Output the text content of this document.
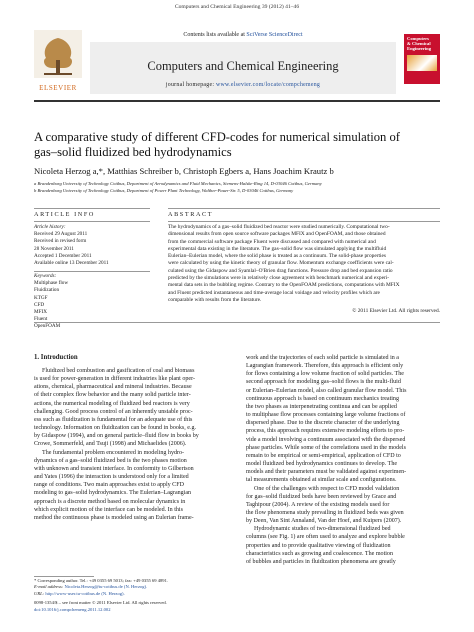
Computers and Chemical Engineering 39 (2012) 41–46
ELSEVIER
Contents lists available at SciVerse ScienceDirect
Computers and Chemical Engineering
journal homepage: www.elsevier.com/locate/compchemeng
Computers
& Chemical
Engineering
A comparative study of different CFD-codes for numerical simulation of
gas–solid fluidized bed hydrodynamics
Nicoleta Herzog a,*, Matthias Schreiber b, Christoph Egbers a, Hans Joachim Krautz b
a Brandenburg University of Technology Cottbus, Department of Aerodynamics and Fluid Mechanics, Siemens-Halske-Ring 14, D-03046 Cottbus, Germany
b Brandenburg University of Technology Cottbus, Department of Power Plant Technology, Walther-Pauer-Str. 5, D-03046 Cottbus, Germany
ARTICLE INFO
Article history:
Received 29 August 2011
Received in revised form
28 November 2011
Accepted 1 December 2011
Available online 13 December 2011
Keywords:
Multiphase flow
Fluidization
KTGF
CFD
MFIX
Fluent
OpenFOAM
ABSTRACT
The hydrodynamics of a gas–solid fluidized bed reactor were studied numerically. Computational two-
dimensional results from open source software packages MFIX and OpenFOAM, and those obtained
from the commercial software package Fluent were discussed and compared with numerical and
experimental data existing in the literature. The gas–solid flow was simulated applying the multifluid
Eulerian–Eulerian model, where the solid phase is treated as a continuum. The solid-phase properties
were calculated by using the kinetic theory of granular flow. Momentum exchange coefficients were cal-
culated using the Gidaspow and Syamlal–O'Brien drag functions. Pressure drop and bed expansion ratio
predicted by the simulations were in relatively close agreement with benchmark numerical and experi-
mental data sets in the bubbling regime. Contrary to the OpenFOAM predictions, computations with MFIX
and Fluent predicted instantaneous and time-average local voidage and velocity profiles which are
comparable with results from the literature.
© 2011 Elsevier Ltd. All rights reserved.
1. Introduction
Fluidized bed combustion and gasification of coal and biomass
is used for power-generation in different industries like plant oper-
ations, chemical, pharmaceutical and mineral industries. Because
of their complex flow behavior and the many solid particle inter-
actions, the numerical modeling of fluidized bed reactors is very
challenging. Good process control of an inherently unstable proc-
ess such as fluidization is fundamental for an adequate use of this
technology. Information on fluidization can be found in books, e.g.
by Gidaspow (1994), and on general particle–fluid flow in books by
Crowe, Sommerfeld, and Tsuji (1998) and Michaelides (2006).
The fundamental problem encountered in modeling hydro-
dynamics of a gas–solid fluidized bed is the two phases motion
with unknown and transient interface. In conformity to Gilbertson
and Yates (1996) the interaction is understood only for a limited
range of conditions. Two main approaches exist to apply CFD
modeling to gas–solid hydrodynamics. The Eulerian–Lagrangian
approach is a discrete method based on molecular dynamics in
which explicit motion of the interface can be modeled. In this
method the continuous phase is modeled using an Eulerian frame-
work and the trajectories of each solid particle is simulated in a
Lagrangian framework. Therefore, this approach is efficient only
for flows containing a low volume fraction of solid particles. The
second approach for modeling gas–solid flows is the multi-fluid
or Eulerian–Eulerian model, also called granular flow model. This
continuous approach is based on continuum mechanics treating
the two phases as interpenetrating continua and can be applied
to multiphase flow processes containing large volume fractions of
dispersed phase. Due to the discrete character of the underlying
process, this approach requires extensive modeling efforts to pro-
vide a model involving a continuum associated with the dispersed
phase particles. While some of the correlations used in the models
remain to be empirical or semi-empirical, application of CFD to
model fluidized bed hydrodynamics continues to develop. The
models and their parameters must be validated against experimen-
tal measurements obtained at similar scale and configurations.
One of the challenges with respect to CFD model validation
for gas–solid fluidized beds have been reviewed by Grace and
Taghipour (2004). A review of the existing models used for
the flow phenomena study prevailing in fluidized beds was given
by Deen, Van Sint Annaland, Van der Hoef, and Kuipers (2007).
Hydrodynamic studies of two-dimensional fluidized bed
columns (see Fig. 1) are often used to analyze and explore bubble
properties and to provide qualitative viewing of fluidization
characteristics such as growing and coalescence. The motion
of bubbles and particles in fluidization phenomena are greatly
* Corresponding author. Tel.: +49 0355 69 5013; fax: +49 0355 69 4891.
E-mail address: Nicoleta.Herzog@tu-cottbus.de (N. Herzog).
URL: http://www-user.tu-cottbus.de (N. Herzog).
0098-1354/$ – see front matter © 2011 Elsevier Ltd. All rights reserved.
doi:10.1016/j.compchemeng.2011.12.002
